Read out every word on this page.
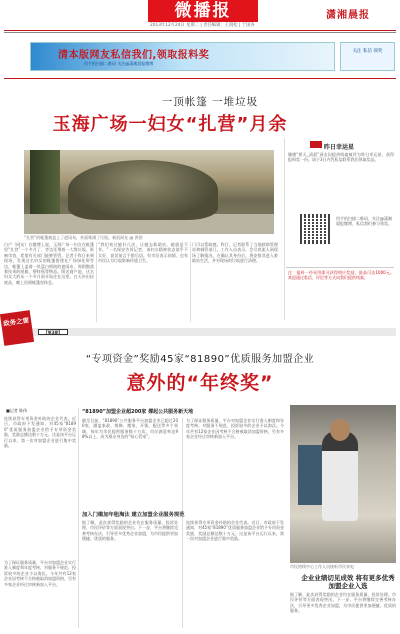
微播报
2013年12月24日 星期二 | 责任编辑：王润松 | 于国涛
潇湘晨报
清本版网友私信我们,领取报料奖
用手机扫描二维码 关注@潇湘晨报微博
关注 私信 领奖
一顶帐篷 一堆垃圾
玉海广场一妇女“扎营”月余
“扎营”的帐篷被盖上了遮雨布，外面堆满了垃圾。新浪网友 @ 供图
白户（网友）在微博上说，玉海广场一妇女在帐篷里“扎营”一个多月了，旁边还堆着一大堆垃圾，影响市容，希望有关部门能够管管。记者于昨日来到现场，发现这名妇女的帐篷搭建在广场绿化带旁边，帐篷上盖着一块蓝白相间的遮雨布，周围散落着捡来的纸箱、塑料瓶等物品。附近商户说，这名妇女大约从一个多月前开始住在这里，白天外出捡废品，晚上回到帐篷里休息。
“我们劝过她好几次，让她去救助站，她就是不肯。”一名保安告诉记者，该妇女精神状态似乎不太好，说话前言不搭后语。有市民表示同情，也有市民认为垃圾影响环境卫生。
门可以帮助她。昨日，记者联系了当地救助管理站和城管部门。工作人员表示，会尽快派人到现场了解情况，在确认其身份后，将安排其进入救助站生活，并对现场的垃圾进行清理。
昨日幸运星
顺德“桥天_清晨”网友因提供线索被评为昨日幸运星，获得报料奖一份。请于3日内凭私信联系我们领取奖品。
用手机扫描二维码，关注@潇湘晨报微博，私信我们参与领奖。
注：报料一经采用即可获得相应奖励，最高可达1000元。欢迎通过私信、评论等方式向我们提供线索。
政务之窗
【第3期】
“专项资金”奖励45家“81890”优质服务加盟企业
意外的“年终奖”
■记者 陈伟
连续获得专项资金补助的企业代表。近日，市政府下发通知，对45家“81890”优质服务加盟企业给予专项资金奖励，奖励总额达数十万元。这是该平台运行以来，第一次对加盟企业进行集中奖励。
“81890”加盟企业超200家 撑起公共服务新天地
截至目前，“81890”公共服务平台加盟企业已超过200家，涵盖家政、维修、搬家、开锁、配送等多个领域，每年为市民提供服务数十万次，市民满意率达98%以上，成为群众身边的“贴心管家”。
为了保证服务质量，平台对加盟企业实行准入制度和年度考核，对服务不规范、投诉较多的企业予以淘汰。今年共有12家企业因考核不合格被取消加盟资格，另有多家企业经过审核新加入平台。
加入门槛加年租淘汰 建立加盟企业服务规范
据了解，此次获得奖励的企业均在服务质量、投诉处理、市民评价等方面表现突出。下一步，平台将继续完善考核办法，引导更多优秀企业加盟，为市民提供更加便捷、优质的服务。
连续获得专项资金补助的企业代表。近日，市政府下发通知，对45家“81890”优质服务加盟企业给予专项资金奖励，奖励总额达数十万元。这是该平台运行以来，第一次对加盟企业进行集中奖励。
为了保证服务质量，平台对加盟企业实行准入制度和年度考核，对服务不规范、投诉较多的企业予以淘汰。今年共有12家企业因考核不合格被取消加盟资格，另有多家企业经过审核新加入平台。
市民热线中心工作人员接听市民来电
企业业绩切见成效 将有更多优秀加盟企业入选
据了解，此次获得奖励的企业均在服务质量、投诉处理、市民评价等方面表现突出。下一步，平台将继续完善考核办法，引导更多优秀企业加盟，为市民提供更加便捷、优质的服务。
